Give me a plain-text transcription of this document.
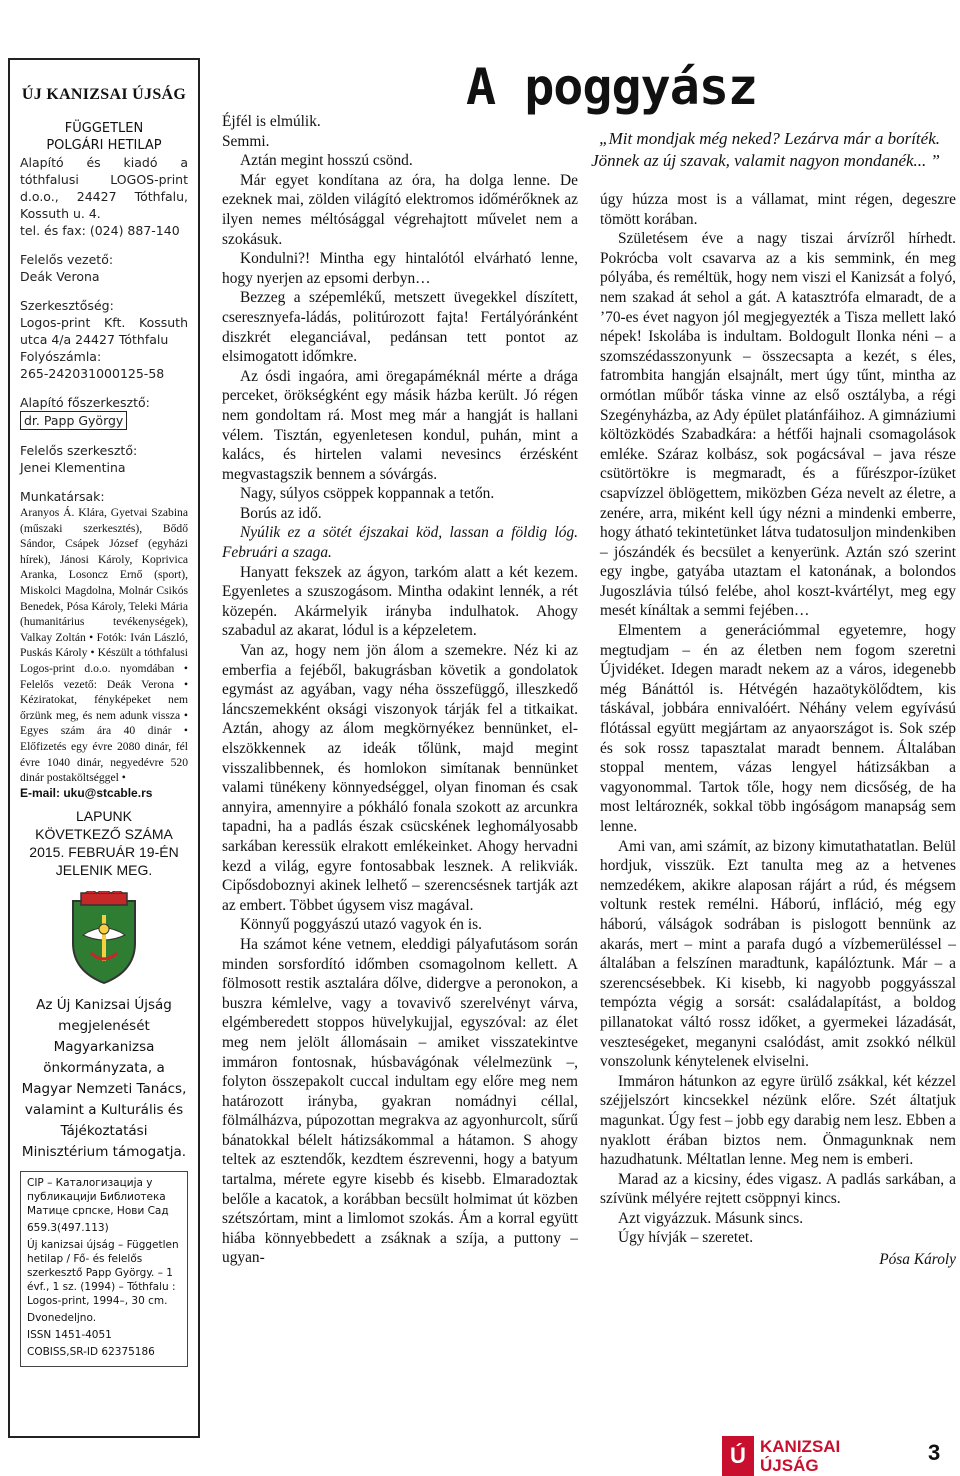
ÚJ KANIZSAI ÚJSÁG
FÜGGETLEN
POLGÁRI HETILAP

Alapító és kiadó a tóthfalusi LOGOS-print d.o.o., 24427 Tóthfalu, Kossuth u. 4.

tel. és fax: (024) 887-140

Felelős vezető:

Deák Verona

Szerkesztőség:

Logos-print Kft. Kossuth utca 4/a 24427 Tóthfalu

Folyószámla:

265-242031000125-58

Alapító főszerkesztő:

dr. Papp György

Felelős szerkesztő:

Jenei Klementina

Munkatársak:

Aranyos Á. Klára, Gyetvai Szabina (műszaki szerkesztés), Bődő Sándor, Csápek József (egyházi hírek), Jánosi Károly, Koprivica Aranka, Losoncz Ernő (sport), Miskolci Magdolna, Molnár Csikós Benedek, Pósa Károly, Teleki Mária (humanitárius tevékenységek), Valkay Zoltán • Fotók: Iván László, Puskás Károly • Készült a tóthfalusi Logos-print d.o.o. nyomdában • Felelős vezető: Deák Verona • Kéziratokat, fényképeket nem őrzünk meg, és nem adunk vissza • Egyes szám ára 40 dinár • Előfizetés egy évre 2080 dinár, fél évre 1040 dinár, negyedévre 520 dinár postaköltséggel •

E-mail: uku@stcable.rs

LAPUNK
KÖVETKEZŐ SZÁMA
2015. FEBRUÁR 19-ÉN
JELENIK MEG.
Az Új Kanizsai Újság megjelenését Magyarkanizsa önkormányzata, a Magyar Nemzeti Tanács, valamint a Kulturális és Tájékoztatási Minisztérium támogatja.

CIP – Каталогизација у публикацији Библиотека Матице српске, Нови Сад

659.3(497.113)

Új kanizsai újság – Független hetilap / Fő- és felelős szerkesztő Papp György. – 1 évf., 1 sz. (1994) – Tóthfalu : Logos-print, 1994–, 30 cm.

Dvonedeljno.

ISSN 1451-4051

COBISS,SR-ID 62375186

A poggyász
„Mit mondjak még neked? Lezárva már a boríték.
Jönnek az új szavak, valamit nagyon mondanék... ”

Éjfél is elmúlik.

Semmi.

Aztán megint hosszú csönd.

Már egyet kondítana az óra, ha dolga lenne. De ezeknek mai, zölden világító elektromos időmérőknek az ilyen nemes méltósággal végrehajtott művelet nem a szokásuk.

Kondulni?! Mintha egy hintalótól elvárható lenne, hogy nyerjen az epsomi derbyn…

Bezzeg a szépemlékű, metszett üvegekkel díszített, cseresznyefa-ládás, politúrozott fajta! Fertályóránként diszkrét eleganciával, pedánsan tett pontot az elsimogatott időmkre.

Az ósdi ingaóra, ami öregapáméknál mérte a drága perceket, örökségként egy másik házba került. Jó régen nem gondoltam rá. Most meg már a hangját is hallani vélem. Tisztán, egyenletesen kondul, puhán, mint a kalács, és hirtelen valami nevesincs érzésként megvastagszik bennem a sóvárgás.

Nagy, súlyos csöppek koppannak a tetőn.

Borús az idő.

Nyúlik ez a sötét éjszakai köd, lassan a földig lóg. Februári a szaga.

Hanyatt fekszek az ágyon, tarkóm alatt a két kezem. Egyenletes a szuszogásom. Mintha odakint lennék, a rét közepén. Akármelyik irányba indulhatok. Ahogy szabadul az akarat, lódul is a képzeletem.

Van az, hogy nem jön álom a szemekre. Néz ki az emberfia a fejéből, bakugrásban követik a gondolatok egymást az agyában, vagy néha összefüggő, illeszkedő láncszemekként oksági viszonyok tárják fel a titkaikat. Aztán, ahogy az álom megkörnyékez bennünket, el-elszökkennek az ideák tőlünk, majd megint visszalibbennek, és homlokon simítanak bennünket valami tünékeny könnyedséggel, olyan finoman és csak annyira, amennyire a pókháló fonala szokott az arcunkra tapadni, ha a padlás észak csücskének leghomályosabb sarkában keressük elrakott emlékeinket. Ahogy hervadni kezd a világ, egyre fontosabbak lesznek. A relikviák. Cipősdoboznyi akinek lelhető – szerencsésnek tartják azt az embert. Többet úgysem visz magával.

Könnyű poggyászú utazó vagyok én is.

Ha számot kéne vetnem, eleddigi pályafutásom során minden sorsfordító időmben csomagolnom kellett. A fölmosott restik asztalára dőlve, didergve a peronokon, a buszra kémlelve, vagy a tovavivő szerelvényt várva, elgémberedett stoppos hüvelykujjal, egyszóval: az élet meg nem jelölt állomásain – amiket visszatekintve immáron fontosnak, húsbavágónak vélelmezünk –, folyton összepakolt cuccal indultam egy előre meg nem határozott irányba, gyakran nomádnyi céllal, fölmálházva, púpozottan megrakva az agyonhurcolt, sűrű bánatokkal bélelt hátizsákommal a hátamon. S ahogy teltek az esztendők, kezdtem észrevenni, hogy a batyum tartalma, mérete egyre kisebb és kisebb. Elmaradoztak belőle a kacatok, a korábban becsült holmimat út közben szétszórtam, mint a limlomot szokás. Ám a korral együtt hiába könnyebbedett a zsáknak a szíja, a puttony – ugyan-

úgy húzza most is a vállamat, mint régen, degeszre tömött korában.

Születésem éve a nagy tiszai árvízről hírhedt. Pokrócba volt csavarva az a kis semmink, én meg pólyába, és reméltük, hogy nem viszi el Kanizsát a folyó, nem szakad át sehol a gát. A katasztrófa elmaradt, de a ’70-es évet nagyon jól megjegyezték a Tisza mellett lakó népek! Iskolába is indultam. Boldogult Ilonka néni – a szomszédasszonyunk – összecsapta a kezét, s éles, fatrombita hangján elsajnált, mert úgy tűnt, mintha az ormótlan műbőr táska vinne az első osztályba, a régi Szegényházba, az Ady épület platánfáihoz. A gimnáziumi költözködés Szabadkára: a hétfői hajnali csomagolások emléke. Száraz kolbász, sok pogácsával – java része csütörtökre is megmaradt, és a fűrészpor-ízüket csapvízzel öblögettem, miközben Géza nevelt az életre, a zenére, arra, miként kell úgy nézni a mindenki emberre, hogy átható tekintetünket látva tudatosuljon mindenkiben – jószándék és becsület a kenyerünk. Aztán szó szerint egy ingbe, gatyába utaztam el katonának, a bolondos Jugoszlávia túlsó felébe, ahol koszt-kvártélyt, meg egy mesét kínáltak a semmi fejében…

Elmentem a generációmmal egyetemre, hogy megtudjam – én az életben nem fogom szeretni Újvidéket. Idegen maradt nekem az a város, idegenebb még Bánáttól is. Hétvégén hazaötykölődtem, kis táskával, jobbára ennivalóért. Néhány velem egyívású flótással együtt megjártam az anyaországot is. Sok szép és sok rossz tapasztalat maradt bennem. Általában stoppal mentem, vázas lengyel hátizsákban a vagyonommal. Tartok tőle, hogy nem dicsőség, de ha most leltároznék, sokkal több ingóságom manapság sem lenne.

Ami van, ami számít, az bizony kimutathatatlan. Belül hordjuk, visszük. Ezt tanulta meg az a hetvenes nemzedékem, akikre alaposan rájárt a rúd, és mégsem voltunk restek remélni. Háború, infláció, még egy háború, válságok sodrában is pislogott bennünk az akarás, mert – mint a parafa dugó a vízbemerüléssel – általában a felszínen maradtunk, kapálóztunk. Már – a szerencsésebbek. Ki kisebb, ki nagyobb poggyásszal tempózta végig a sorsát: családalapítást, a boldog pillanatokat váltó rossz időket, a gyermekei lázadását, veszteségeket, meganyni csalódást, amit zsokkó nélkül vonszolunk kénytelenek elviselni.

Immáron hátunkon az egyre ürülő zsákkal, két kézzel széjjelszórt kincsekkel nézünk előre. Szét áltatjuk magunkat. Úgy fest – jobb egy darabig nem lesz. Ebben a nyaklott érában biztos nem. Önmagunknak nem hazudhatunk. Méltatlan lenne. Meg nem is emberi.

Marad az a kicsiny, édes vigasz. A padlás sarkában, a szívünk mélyére rejtett csöppnyi kincs.

Azt vigyázzuk. Másunk sincs.

Úgy hívják – szeretet.

Pósa Károly
Ú KANIZSAI
ÚJSÁG
3
